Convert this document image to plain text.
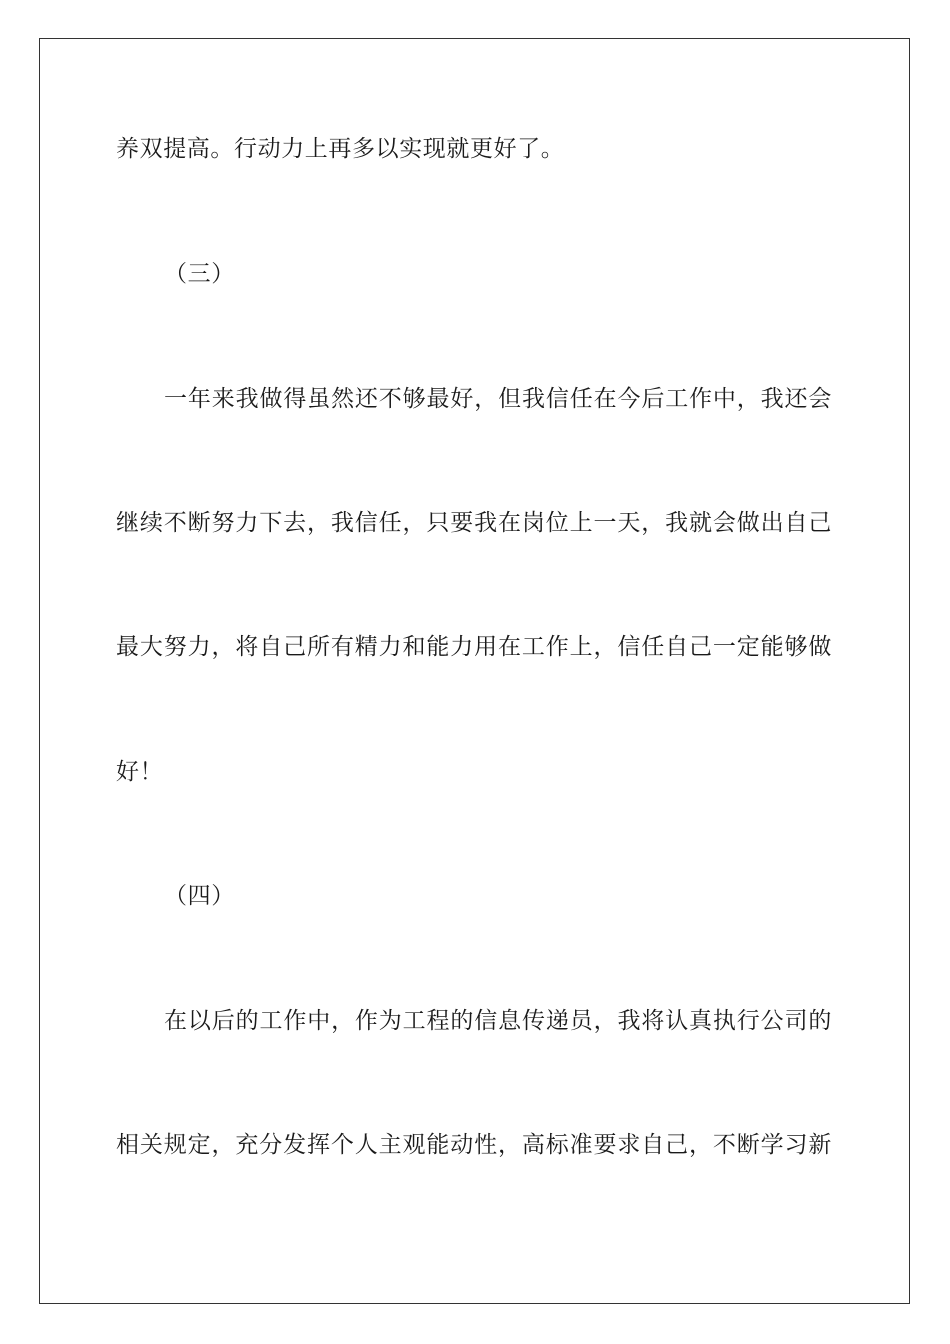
养双提高。行动力上再多以实现就更好了。
（三）
一年来我做得虽然还不够最好，但我信任在今后工作中，我还会
继续不断努力下去，我信任，只要我在岗位上一天，我就会做出自己
最大努力，将自己所有精力和能力用在工作上，信任自己一定能够做
好！
（四）
在以后的工作中，作为工程的信息传递员，我将认真执行公司的
相关规定，充分发挥个人主观能动性，高标准要求自己，不断学习新
